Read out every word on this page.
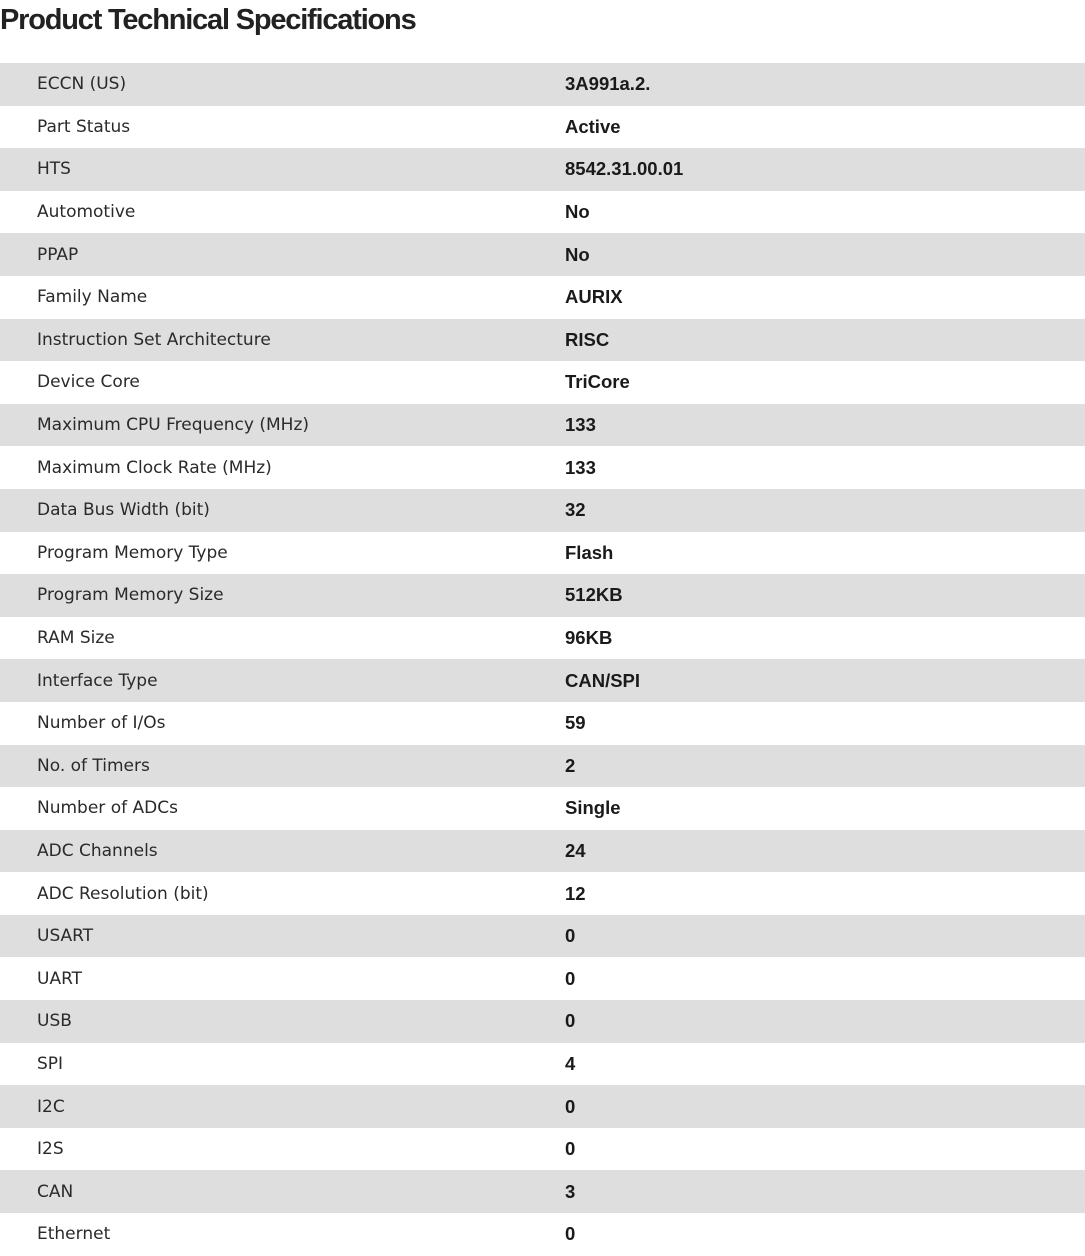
Product Technical Specifications
ECCN (US)	3A991a.2.
Part Status	Active
HTS	8542.31.00.01
Automotive	No
PPAP	No
Family Name	AURIX
Instruction Set Architecture	RISC
Device Core	TriCore
Maximum CPU Frequency (MHz)	133
Maximum Clock Rate (MHz)	133
Data Bus Width (bit)	32
Program Memory Type	Flash
Program Memory Size	512KB
RAM Size	96KB
Interface Type	CAN/SPI
Number of I/Os	59
No. of Timers	2
Number of ADCs	Single
ADC Channels	24
ADC Resolution (bit)	12
USART	0
UART	0
USB	0
SPI	4
I2C	0
I2S	0
CAN	3
Ethernet	0
